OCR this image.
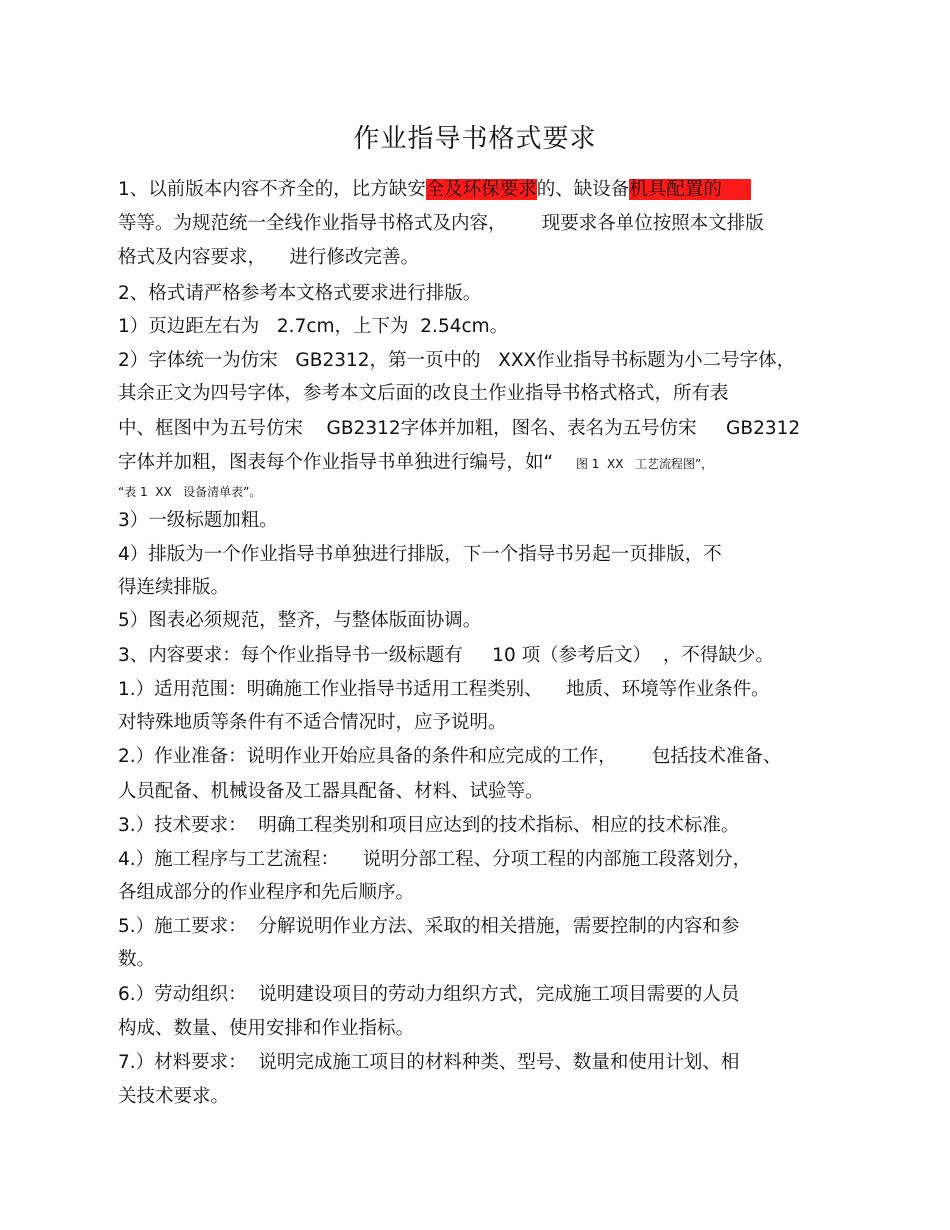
作业指导书格式要求
1、以前版本内容不齐全的，比方缺安全及环保要求的、缺设备机具配置的
等等。为规范统一全线作业指导书格式及内容，      现要求各单位按照本文排版
格式及内容要求，    进行修改完善。
2、格式请严格参考本文格式要求进行排版。
1）页边距左右为   2.7cm，上下为  2.54cm。
2）字体统一为仿宋   GB2312，第一页中的   XXX作业指导书标题为小二号字体，
其余正文为四号字体，参考本文后面的改良土作业指导书格式格式，所有表
中、框图中为五号仿宋    GB2312字体并加粗，图名、表名为五号仿宋     GB2312
字体并加粗，图表每个作业指导书单独进行编号，如“      图 1  XX   工艺流程图”，
“表 1  XX   设备清单表”。
3）一级标题加粗。
4）排版为一个作业指导书单独进行排版，下一个指导书另起一页排版，不
得连续排版。
5）图表必须规范，整齐，与整体版面协调。
3、内容要求：每个作业指导书一级标题有     10 项（参考后文）  ，不得缺少。
1.）适用范围：明确施工作业指导书适用工程类别、    地质、环境等作业条件。
对特殊地质等条件有不适合情况时，应予说明。
2.）作业准备：说明作业开始应具备的条件和应完成的工作，      包括技术准备、
人员配备、机械设备及工器具配备、材料、试验等。
3.）技术要求：  明确工程类别和项目应达到的技术指标、相应的技术标准。
4.）施工程序与工艺流程：    说明分部工程、分项工程的内部施工段落划分，
各组成部分的作业程序和先后顺序。
5.）施工要求：  分解说明作业方法、采取的相关措施，需要控制的内容和参
数。
6.）劳动组织：  说明建设项目的劳动力组织方式，完成施工项目需要的人员
构成、数量、使用安排和作业指标。
7.）材料要求：  说明完成施工项目的材料种类、型号、数量和使用计划、相
关技术要求。
